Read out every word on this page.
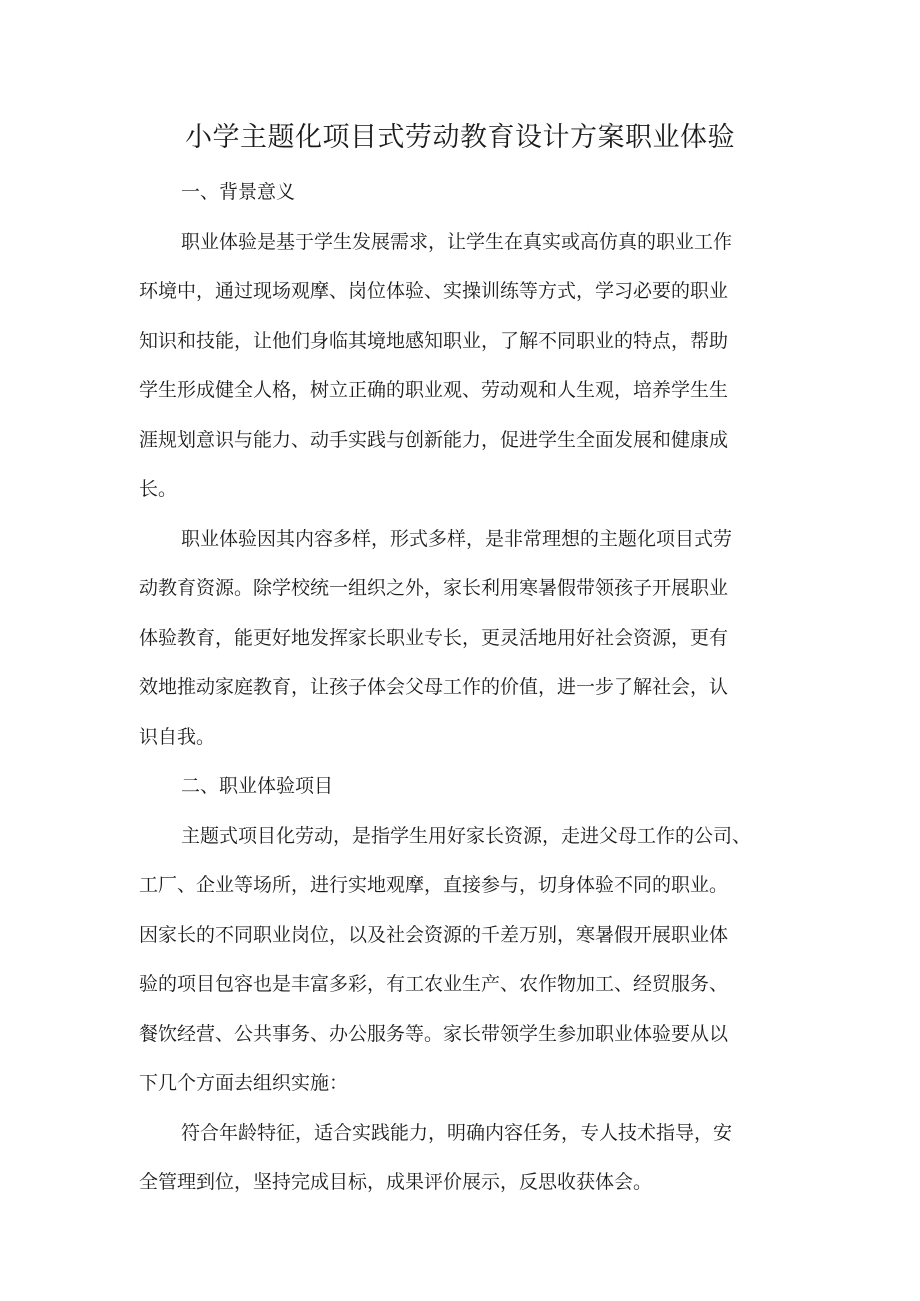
小学主题化项目式劳动教育设计方案职业体验
一、背景意义
职业体验是基于学生发展需求，让学生在真实或高仿真的职业工作
环境中，通过现场观摩、岗位体验、实操训练等方式，学习必要的职业
知识和技能，让他们身临其境地感知职业，了解不同职业的特点，帮助
学生形成健全人格，树立正确的职业观、劳动观和人生观，培养学生生
涯规划意识与能力、动手实践与创新能力，促进学生全面发展和健康成
长。
职业体验因其内容多样，形式多样，是非常理想的主题化项目式劳
动教育资源。除学校统一组织之外，家长利用寒暑假带领孩子开展职业
体验教育，能更好地发挥家长职业专长，更灵活地用好社会资源，更有
效地推动家庭教育，让孩子体会父母工作的价值，进一步了解社会，认
识自我。
二、职业体验项目
主题式项目化劳动，是指学生用好家长资源，走进父母工作的公司、
工厂、企业等场所，进行实地观摩，直接参与，切身体验不同的职业。
因家长的不同职业岗位，以及社会资源的千差万别，寒暑假开展职业体
验的项目包容也是丰富多彩，有工农业生产、农作物加工、经贸服务、
餐饮经营、公共事务、办公服务等。家长带领学生参加职业体验要从以
下几个方面去组织实施：
符合年龄特征，适合实践能力，明确内容任务，专人技术指导，安
全管理到位，坚持完成目标，成果评价展示，反思收获体会。
